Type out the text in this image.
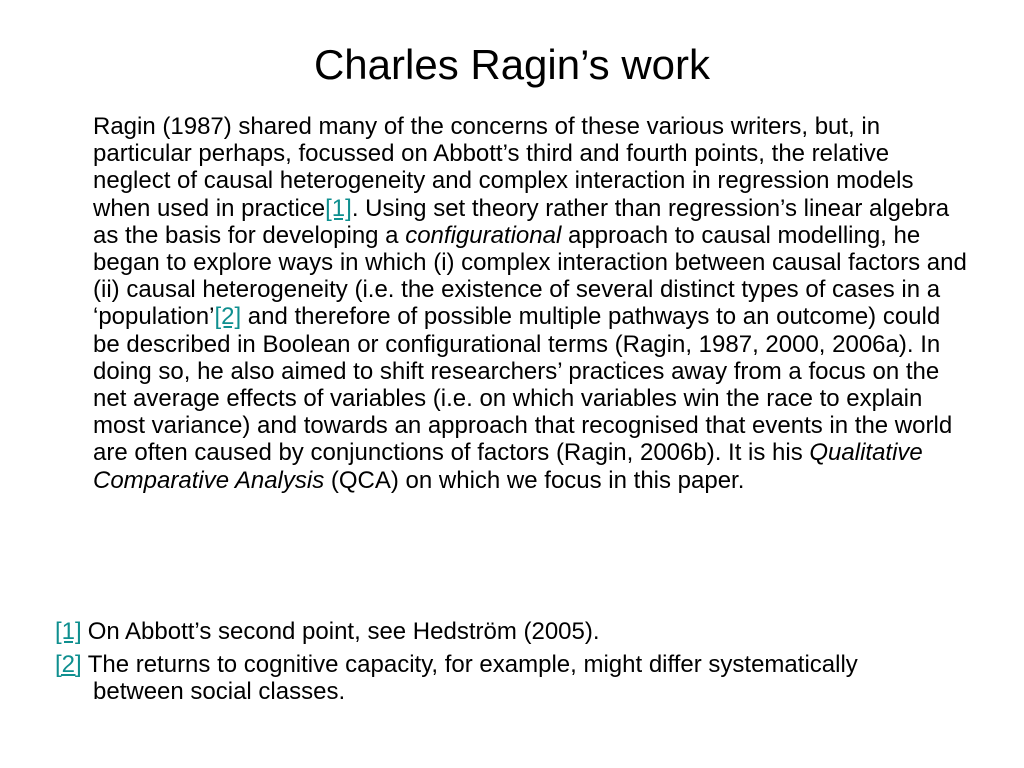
Charles Ragin’s work

Ragin (1987) shared many of the concerns of these various writers, but, in particular perhaps, focussed on Abbott’s third and fourth points, the relative neglect of causal heterogeneity and complex interaction in regression models when used in practice[1]. Using set theory rather than regression’s linear algebra as the basis for developing a configurational approach to causal modelling, he began to explore ways in which (i) complex interaction between causal factors and (ii) causal heterogeneity (i.e. the existence of several distinct types of cases in a ‘population’[2] and therefore of possible multiple pathways to an outcome) could be described in Boolean or configurational terms (Ragin, 1987, 2000, 2006a). In doing so, he also aimed to shift researchers’ practices away from a focus on the net average effects of variables (i.e. on which variables win the race to explain most variance) and towards an approach that recognised that events in the world are often caused by conjunctions of factors (Ragin, 2006b). It is his Qualitative Comparative Analysis (QCA) on which we focus in this paper.

[1] On Abbott’s second point, see Hedström (2005).

[2] The returns to cognitive capacity, for example, might differ systematically between social classes.
